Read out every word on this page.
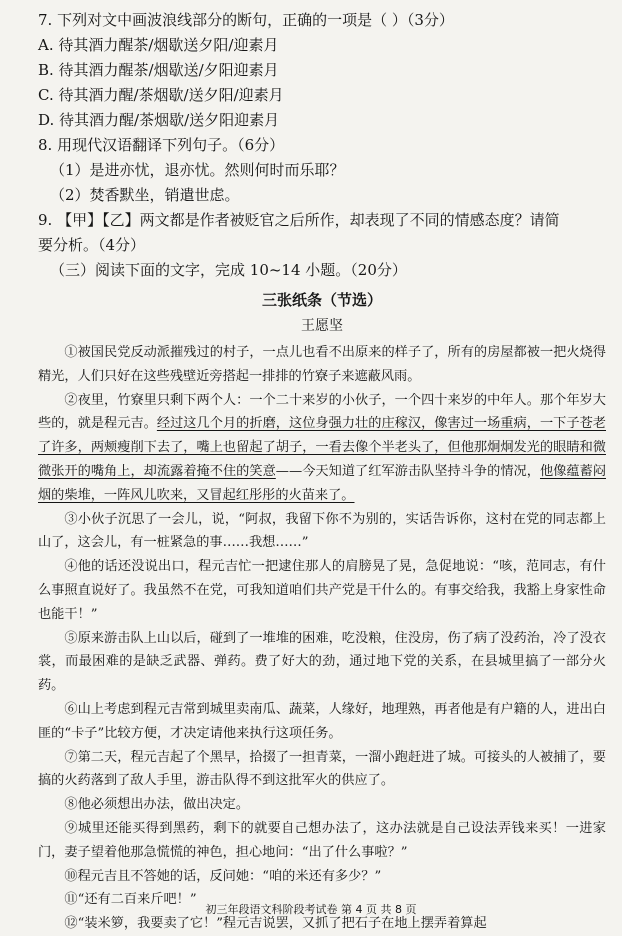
7. 下列对文中画波浪线部分的断句，正确的一项是（ ）（3分）
A. 待其酒力醒茶/烟歇送夕阳/迎素月
B. 待其酒力醒茶/烟歇送/夕阳迎素月
C. 待其酒力醒/茶烟歇/送夕阳/迎素月
D. 待其酒力醒/茶烟歇/送夕阳迎素月
8. 用现代汉语翻译下列句子。（6分）
（1）是进亦忧，退亦忧。然则何时而乐耶？
（2）焚香默坐，销遣世虑。
9. 【甲】【乙】两文都是作者被贬官之后所作，却表现了不同的情感态度？请简
要分析。（4分）
（三）阅读下面的文字，完成 10~14 小题。（20分）
三张纸条（节选）
王愿坚

①被国民党反动派摧残过的村子，一点儿也看不出原来的样子了，所有的房屋都被一把火烧得精光，人们只好在这些残壁近旁搭起一排排的竹寮子来遮蔽风雨。

②夜里，竹寮里只剩下两个人：一个二十来岁的小伙子，一个四十来岁的中年人。那个年岁大些的，就是程元吉。经过这几个月的折磨，这位身强力壮的庄稼汉，像害过一场重病，一下子苍老了许多，两颊瘦削下去了，嘴上也留起了胡子，一看去像个半老头了，但他那炯炯发光的眼睛和微微张开的嘴角上，却流露着掩不住的笑意——今天知道了红军游击队坚持斗争的情况，他像蕴蓄闷烟的柴堆，一阵风儿吹来，又冒起红彤彤的火苗来了。

③小伙子沉思了一会儿，说，“阿叔，我留下你不为别的，实话告诉你，这村在党的同志都上山了，这会儿，有一桩紧急的事……我想……”

④他的话还没说出口，程元吉忙一把逮住那人的肩膀晃了晃，急促地说：“咳，范同志，有什么事照直说好了。我虽然不在党，可我知道咱们共产党是干什么的。有事交给我，我豁上身家性命也能干！”

⑤原来游击队上山以后，碰到了一堆堆的困难，吃没粮，住没房，伤了病了没药治，冷了没衣裳，而最困难的是缺乏武器、弹药。费了好大的劲，通过地下党的关系，在县城里搞了一部分火药。

⑥山上考虑到程元吉常到城里卖南瓜、蔬菜，人缘好，地理熟，再者他是有户籍的人，进出白匪的“卡子”比较方便，才决定请他来执行这项任务。

⑦第二天，程元吉起了个黑早，拾掇了一担青菜，一溜小跑赶进了城。可接头的人被捕了，要搞的火药落到了敌人手里，游击队得不到这批军火的供应了。

⑧他必须想出办法，做出决定。

⑨城里还能买得到黑药，剩下的就要自己想办法了，这办法就是自己设法弄钱来买！一进家门，妻子望着他那急慌慌的神色，担心地问：“出了什么事啦？”

⑩程元吉且不答她的话，反问她：“咱的米还有多少？”

⑪“还有二百来斤吧！”

⑫“装米箩，我要卖了它！”程元吉说罢，又抓了把石子在地上摆弄着算起

初三年段语文科阶段考试卷 第 4 页 共 8 页
